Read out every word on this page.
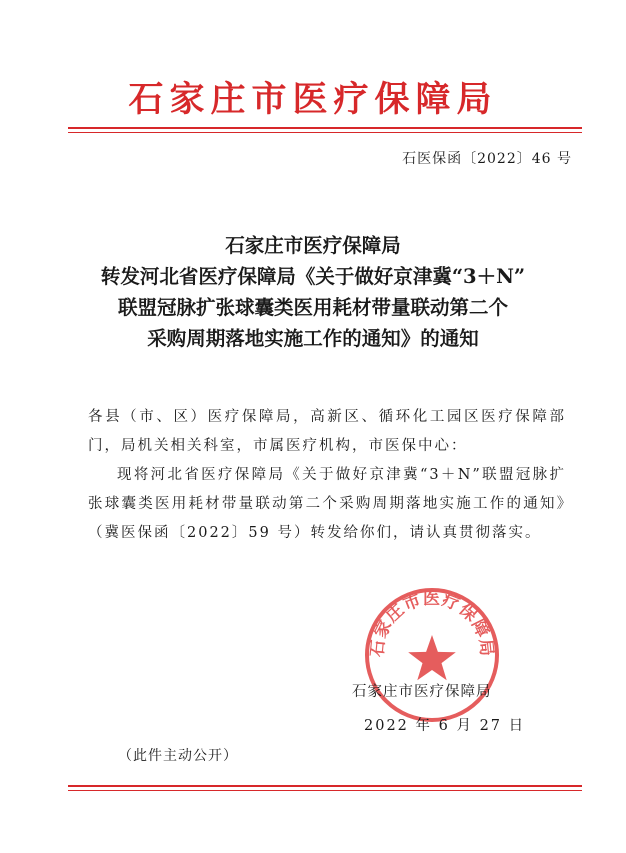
石家庄市医疗保障局
石医保函〔2022〕46 号
石家庄市医疗保障局
转发河北省医疗保障局《关于做好京津冀“3＋N”
联盟冠脉扩张球囊类医用耗材带量联动第二个
采购周期落地实施工作的通知》的通知

各县（市、区）医疗保障局，高新区、循环化工园区医疗保障部门，局机关相关科室，市属医疗机构，市医保中心：

现将河北省医疗保障局《关于做好京津冀“3＋N”联盟冠脉扩张球囊类医用耗材带量联动第二个采购周期落地实施工作的通知》（冀医保函〔2022〕59 号）转发给你们，请认真贯彻落实。

石家庄市医疗保障局
石家庄市医疗保障局
2022 年 6 月 27 日
（此件主动公开）
